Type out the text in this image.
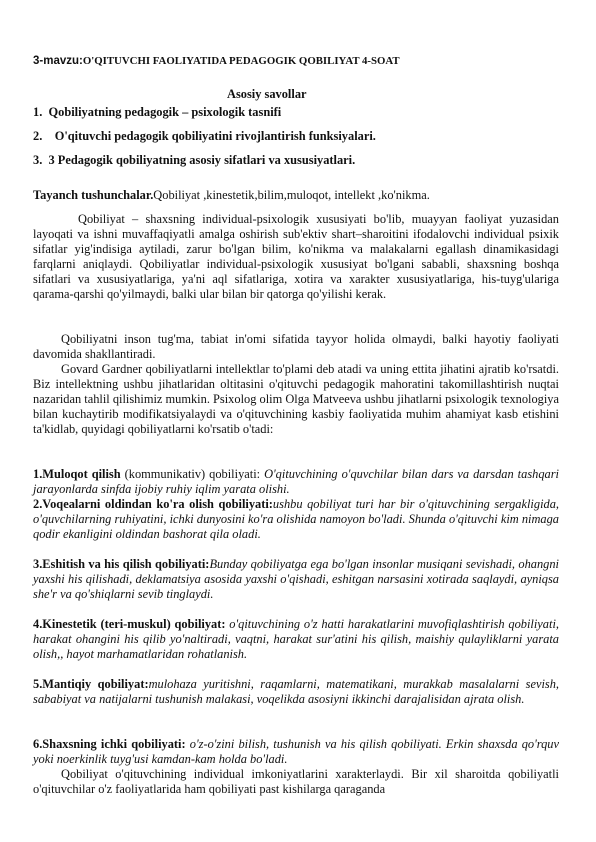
3-mavzu:O'QITUVCHI FAOLIYATIDA PEDAGOGIK QOBILIYAT 4-SOAT
Asosiy savollar
1. Qobiliyatning pedagogik – psixologik tasnifi
2. O'qituvchi pedagogik qobiliyatini rivojlantirish funksiyalari.
3. 3 Pedagogik qobiliyatning asosiy sifatlari va xususiyatlari.
Tayanch tushunchalar.Qobiliyat ,kinestetik,bilim,muloqot, intellekt ,ko'nikma.
Qobiliyat – shaxsning individual-psixologik xususiyati bo'lib, muayyan faoliyat yuzasidan layoqati va ishni muvaffaqiyatli amalga oshirish sub'ektiv shart–sharoitini ifodalovchi individual psixik sifatlar yig'indisiga aytiladi, zarur bo'lgan bilim, ko'nikma va malakalarni egallash dinamikasidagi farqlarni aniqlaydi. Qobiliyatlar individual-psixologik xususiyat bo'lgani sababli, shaxsning boshqa sifatlari va xususiyatlariga, ya'ni aql sifatlariga, xotira va xarakter xususiyatlariga, his-tuyg'ulariga qarama-qarshi qo'yilmaydi, balki ular bilan bir qatorga qo'yilishi kerak.
Qobiliyatni inson tug'ma, tabiat in'omi sifatida tayyor holida olmaydi, balki hayotiy faoliyati davomida shakllantiradi.
Govard Gardner qobiliyatlarni intellektlar to'plami deb atadi va uning ettita jihatini ajratib ko'rsatdi. Biz intellektning ushbu jihatlaridan oltitasini o'qituvchi pedagogik mahoratini takomillashtirish nuqtai nazaridan tahlil qilishimiz mumkin. Psixolog olim Olga Matveeva ushbu jihatlarni psixologik texnologiya bilan kuchaytirib modifikatsiyalaydi va o'qituvchining kasbiy faoliyatida muhim ahamiyat kasb etishini ta'kidlab, quyidagi qobiliyatlarni ko'rsatib o'tadi:
1.Muloqot qilish (kommunikativ) qobiliyati: O'qituvchining o'quvchilar bilan dars va darsdan tashqari jarayonlarda sinfda ijobiy ruhiy iqlim yarata olishi.
2.Voqealarni oldindan ko'ra olish qobiliyati:ushbu qobiliyat turi har bir o'qituvchining sergakligida, o'quvchilarning ruhiyatini, ichki dunyosini ko'ra olishida namoyon bo'ladi. Shunda o'qituvchi kim nimaga qodir ekanligini oldindan bashorat qila oladi.
3.Eshitish va his qilish qobiliyati:Bunday qobiliyatga ega bo'lgan insonlar musiqani sevishadi, ohangni yaxshi his qilishadi, deklamatsiya asosida yaxshi o'qishadi, eshitgan narsasini xotirada saqlaydi, ayniqsa she'r va qo'shiqlarni sevib tinglaydi.
4.Kinestetik (teri-muskul) qobiliyat: o'qituvchining o'z hatti harakatlarini muvofiqlashtirish qobiliyati, harakat ohangini his qilib yo'naltiradi, vaqtni, harakat sur'atini his qilish, maishiy qulayliklarni yarata olish,, hayot marhamatlaridan rohatlanish.
5.Mantiqiy qobiliyat:mulohaza yuritishni, raqamlarni, matematikani, murakkab masalalarni sevish, sababiyat va natijalarni tushunish malakasi, voqelikda asosiyni ikkinchi darajalisidan ajrata olish.
6.Shaxsning ichki qobiliyati: o'z-o'zini bilish, tushunish va his qilish qobiliyati. Erkin shaxsda qo'rquv yoki noerkinlik tuyg'usi kamdan-kam holda bo'ladi.
Qobiliyat o'qituvchining individual imkoniyatlarini xarakterlaydi. Bir xil sharoitda qobiliyatli o'qituvchilar o'z faoliyatlarida ham qobiliyati past kishilarga qaraganda
